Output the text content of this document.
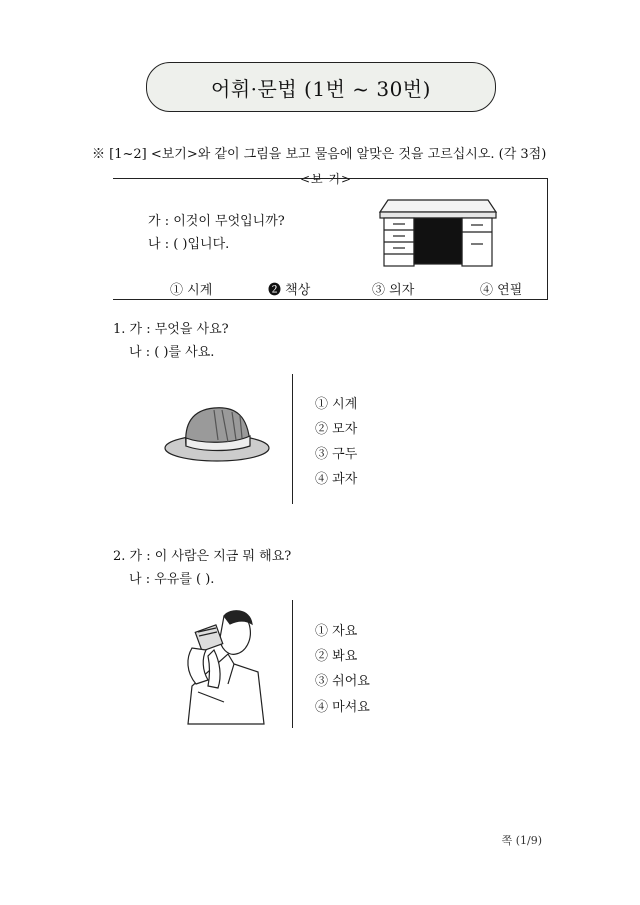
어휘·문법 (1번 ~ 30번)
※ [1~2] <보기>와 같이 그림을 보고 물음에 알맞은 것을 고르십시오. (각 3점)
<보 기>
가 : 이것이 무엇입니까?
나 : ( )입니다.
① 시계	❷ 책상	③ 의자	④ 연필
1. 가 : 무엇을 사요?
나 : ( )를 사요.
① 시계
② 모자
③ 구두
④ 과자
2. 가 : 이 사람은 지금 뭐 해요?
나 : 우유를 ( ).
① 자요
② 봐요
③ 쉬어요
④ 마셔요
쪽 (1/9)
